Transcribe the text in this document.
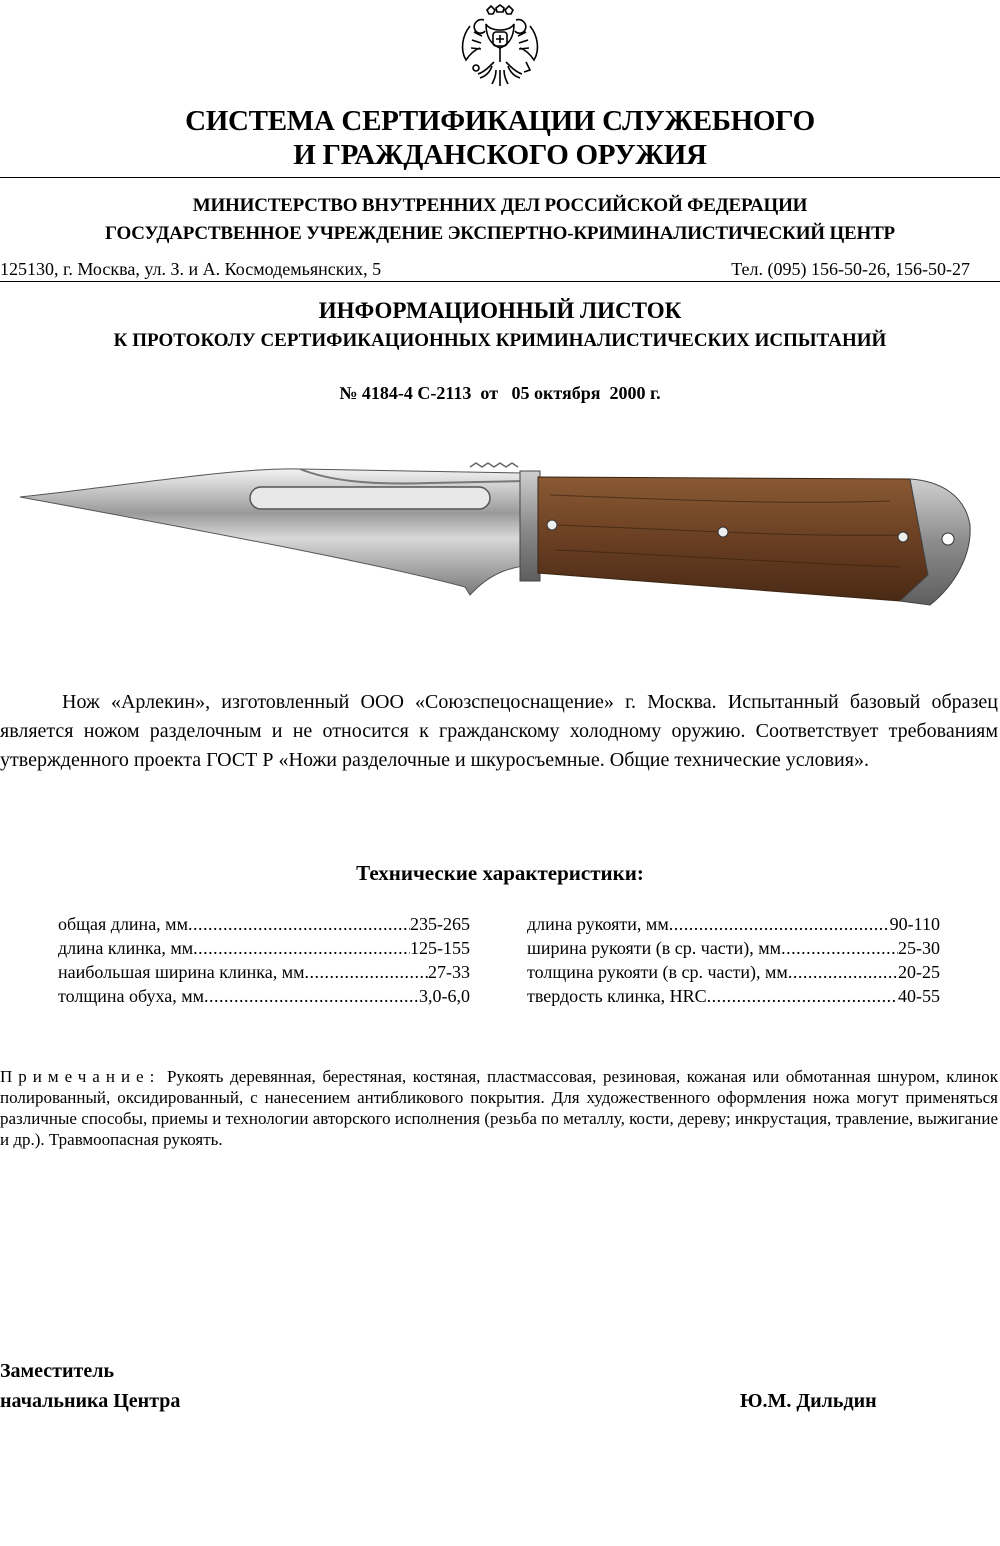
СИСТЕМА СЕРТИФИКАЦИИ СЛУЖЕБНОГО
И ГРАЖДАНСКОГО ОРУЖИЯ
МИНИСТЕРСТВО ВНУТРЕННИХ ДЕЛ РОССИЙСКОЙ ФЕДЕРАЦИИ
ГОСУДАРСТВЕННОЕ УЧРЕЖДЕНИЕ ЭКСПЕРТНО-КРИМИНАЛИСТИЧЕСКИЙ ЦЕНТР
125130, г. Москва, ул. З. и А. Космодемьянских, 5	Тел. (095) 156-50-26, 156-50-27
ИНФОРМАЦИОННЫЙ ЛИСТОК
К ПРОТОКОЛУ СЕРТИФИКАЦИОННЫХ КРИМИНАЛИСТИЧЕСКИХ ИСПЫТАНИЙ
№ 4184-4 С-2113  от   05 октября  2000 г.
Нож «Арлекин», изготовленный ООО «Союзспецоснащение» г. Москва. Испытанный базовый образец является ножом разделочным и не относится к гражданскому холодному оружию. Соответствует требованиям утвержденного проекта ГОСТ Р «Ножи разделочные и шкуросъемные. Общие технические условия».
Технические характеристики:
общая длина, мм .....	235-265
длина клинка, мм .....	125-155
наибольшая ширина клинка, мм .....	27-33
толщина обуха, мм .....	3,0-6,0
длина рукояти, мм .....	90-110
ширина рукояти (в ср. части), мм .....	25-30
толщина рукояти (в ср. части), мм .....	20-25
твердость клинка, HRC .....	40-55
Примечание: Рукоять деревянная, берестяная, костяная, пластмассовая, резиновая, кожаная или обмотанная шнуром, клинок полированный, оксидированный, с нанесением антибликового покрытия. Для художественного оформления ножа могут применяться различные способы, приемы и технологии авторского исполнения (резьба по металлу, кости, дереву; инкрустация, травление, выжигание и др.). Травмоопасная рукоять.
Заместитель
начальника Центра	Ю.М. Дильдин
